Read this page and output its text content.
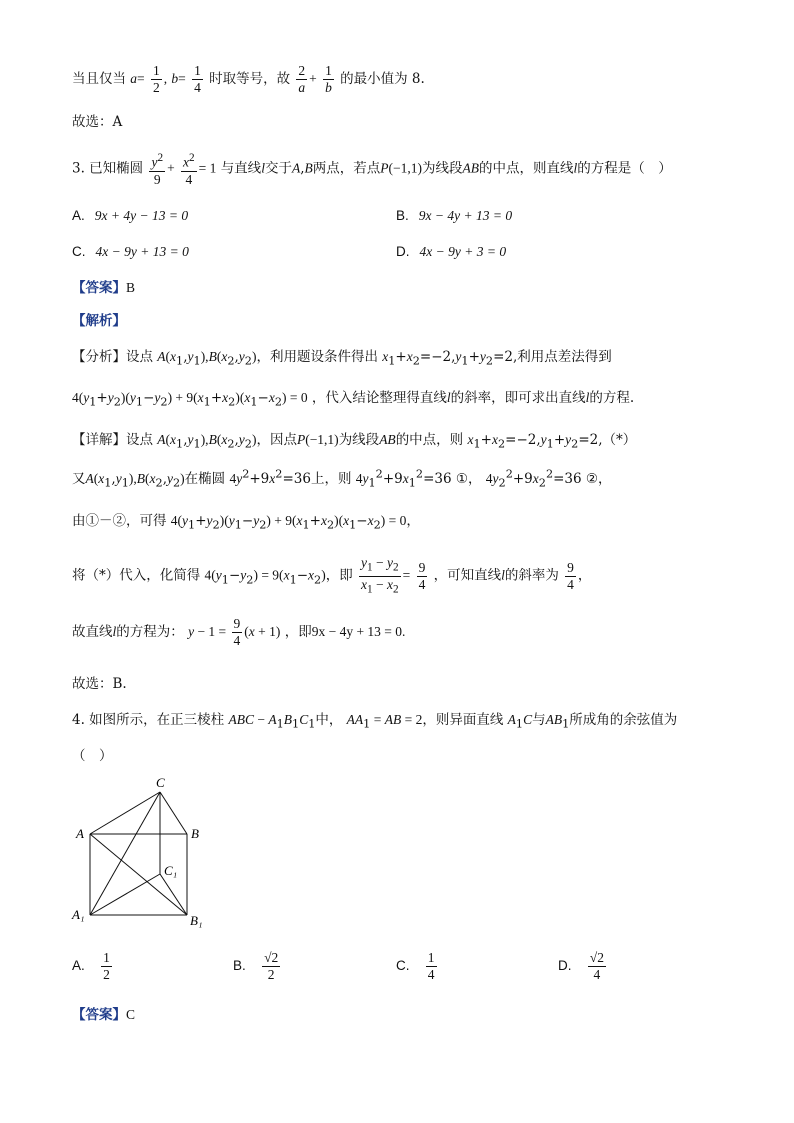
当且仅当 $a= \frac{1}{2}$ , $b= \frac{1}{4}$ 时取等号，故 $\frac{2}{a} + \frac{1}{b}$ 的最小值为 8.
故选：A
3. 已知椭圆 $\frac{y^2}{9} + \frac{x^2}{4} = 1$ 与直线l交于A,B两点，若点P(−1,1)为线段AB的中点，则直线l的方程是（　）
A. 9x + 4y − 13 = 0	B. 9x − 4y + 13 = 0
C. 4x − 9y + 13 = 0	D. 4x − 9y + 3 = 0
【答案】B
【解析】
【分析】设点 $A(x_1,y_1),B(x_2,y_2)$，利用题设条件得出 $x_1+x_2=-2,y_1+y_2=2$,利用点差法得到
$4(y_1+y_2)(y_1-y_2) + 9(x_1+x_2)(x_1-x_2) = 0$ ，代入结论整理得直线l的斜率，即可求出直线l的方程.
【详解】设点 $A(x_1,y_1),B(x_2,y_2)$，因点P(−1,1)为线段AB的中点，则 $x_1+x_2=-2,y_1+y_2=2,(*)$
又$A(x_1,y_1),B(x_2,y_2)$在椭圆 $4y^2+9x^2=36$上，则 $4y_1^2+9x_1^2=36$ ①， $4y_2^2+9x_2^2=36$ ②，
由①－②，可得 $4(y_1+y_2)(y_1-y_2) + 9(x_1+x_2)(x_1-x_2) = 0$，
将（*）代入，化简得 $4(y_1-y_2) = 9(x_1-x_2)$，即 $\frac{y_1 - y_2}{x_1 - x_2} = \frac{9}{4}$ ，可知直线l的斜率为 $\frac{9}{4}$ ，
故直线l的方程为： $y - 1 = \frac{9}{4} (x + 1)$ ，即9x − 4y + 13 = 0.
故选：B.
4. 如图所示，在正三棱柱 ABC − $A_1B_1C_1$中， $AA_1$ = AB = 2，则异面直线 $A_1C$与$AB_1$所成角的余弦值为
（　）
C
A	B
C₁
A₁	B₁
A. $\frac{1}{2}$	B. $\frac{√2}{2}$	C. $\frac{1}{4}$	D. $\frac{√2}{4}$
【答案】C
